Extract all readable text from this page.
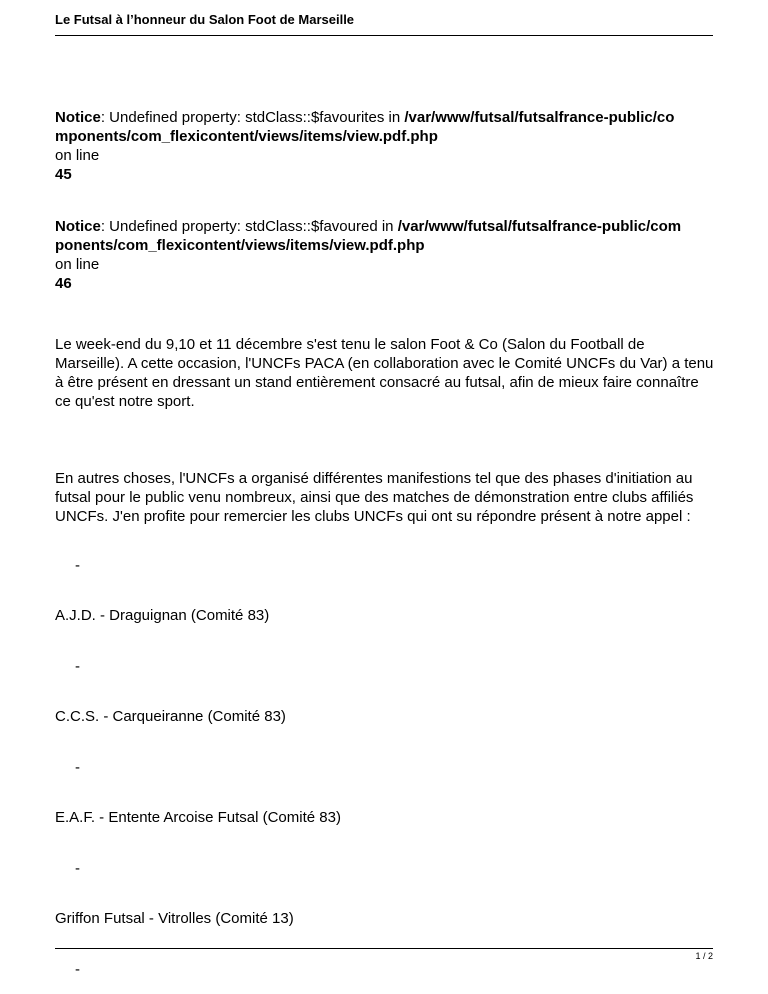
Le Futsal à l’honneur du Salon Foot de Marseille
Notice: Undefined property: stdClass::$favourites in /var/www/futsal/futsalfrance-public/co
mponents/com_flexicontent/views/items/view.pdf.php
on line
45
Notice: Undefined property: stdClass::$favoured in /var/www/futsal/futsalfrance-public/com
ponents/com_flexicontent/views/items/view.pdf.php
on line
46

Le week-end du 9,10 et 11 décembre s'est tenu le salon Foot & Co (Salon du Football de Marseille). A cette occasion, l'UNCFs PACA (en collaboration avec le Comité UNCFs du Var) a tenu à être présent en dressant un stand entièrement consacré au futsal, afin de mieux faire connaître ce qu'est notre sport.

En autres choses, l'UNCFs a organisé différentes manifestions tel que des phases d'initiation au futsal pour le public venu nombreux, ainsi que des matches de démonstration entre clubs affiliés UNCFs. J'en profite pour remercier les clubs UNCFs qui ont su répondre présent à notre appel :

-
A.J.D. - Draguignan (Comité 83)
-
C.C.S. - Carqueiranne (Comité 83)
-
E.A.F. - Entente Arcoise Futsal (Comité 83)
-
Griffon Futsal - Vitrolles (Comité 13)
-
1 / 2
